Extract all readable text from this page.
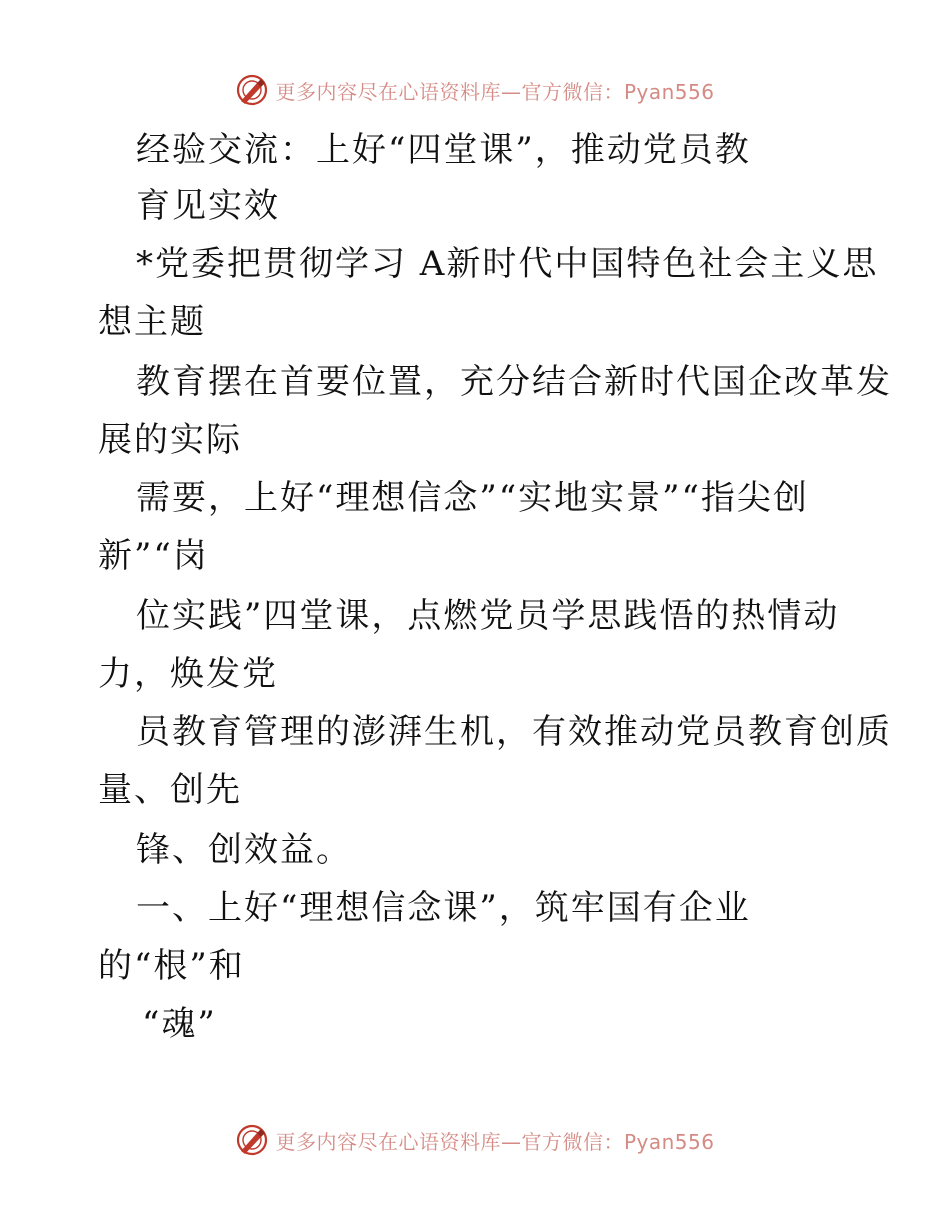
更多内容尽在心语资料库—官方微信：Pyan556
经验交流：上好“四堂课”，推动党员教
育见实效
*党委把贯彻学习 A新时代中国特色社会主义思
想主题
教育摆在首要位置，充分结合新时代国企改革发
展的实际
需要，上好“理想信念”“实地实景”“指尖创
新”“岗
位实践”四堂课，点燃党员学思践悟的热情动
力，焕发党
员教育管理的澎湃生机，有效推动党员教育创质
量、创先
锋、创效益。
一、上好“理想信念课”，筑牢国有企业
的“根”和
“魂”
更多内容尽在心语资料库—官方微信：Pyan556
